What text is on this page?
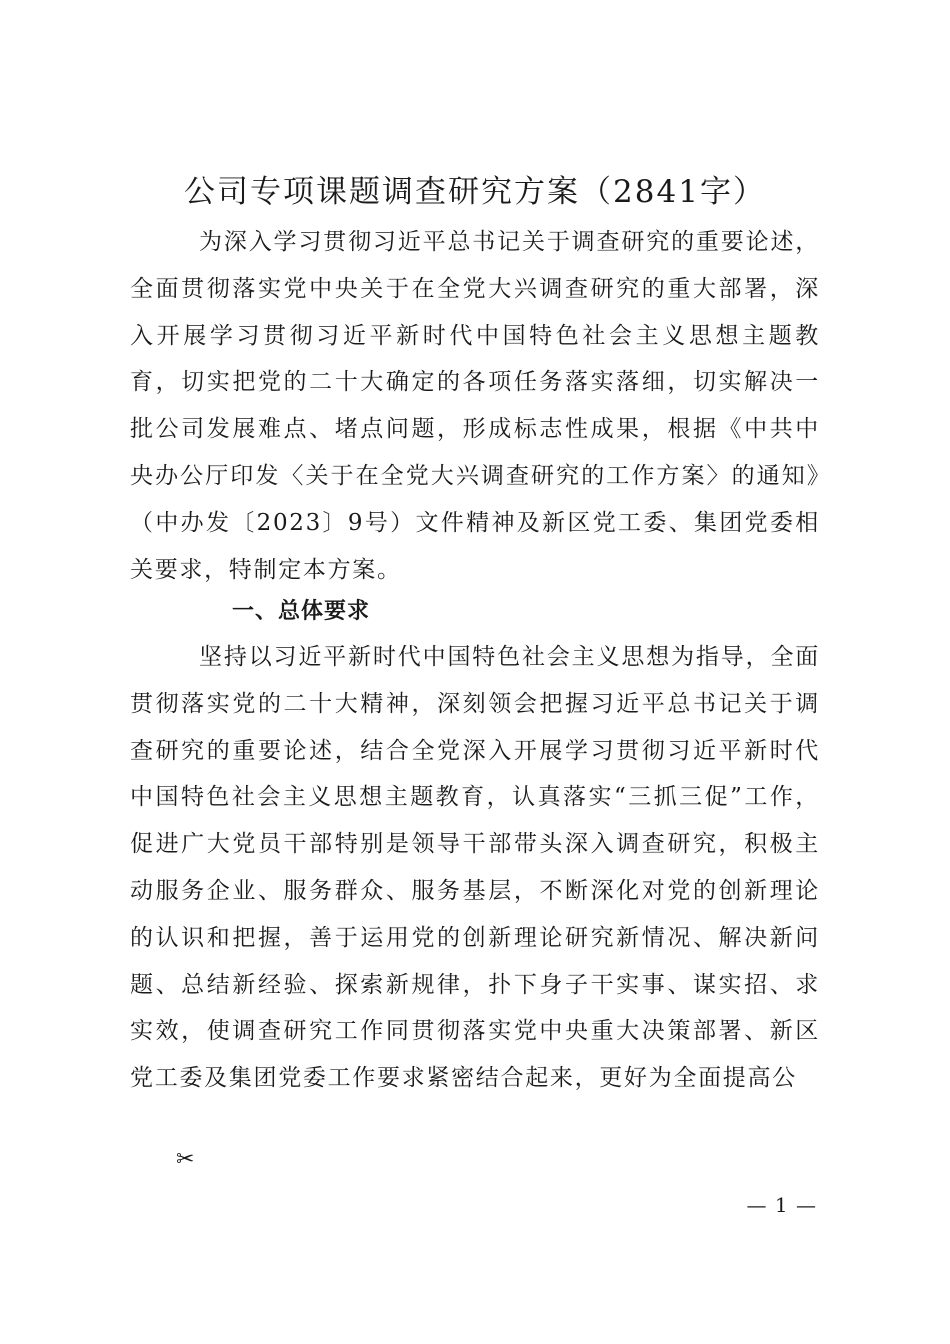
公司专项课题调查研究方案（2841字）

为深入学习贯彻习近平总书记关于调查研究的重要论述，全面贯彻落实党中央关于在全党大兴调查研究的重大部署，深入开展学习贯彻习近平新时代中国特色社会主义思想主题教育，切实把党的二十大确定的各项任务落实落细，切实解决一批公司发展难点、堵点问题，形成标志性成果，根据《中共中央办公厅印发〈关于在全党大兴调查研究的工作方案〉的通知》（中办发〔2023〕9号）文件精神及新区党工委、集团党委相关要求，特制定本方案。

一、总体要求

坚持以习近平新时代中国特色社会主义思想为指导，全面贯彻落实党的二十大精神，深刻领会把握习近平总书记关于调查研究的重要论述，结合全党深入开展学习贯彻习近平新时代中国特色社会主义思想主题教育，认真落实“三抓三促”工作，促进广大党员干部特别是领导干部带头深入调查研究，积极主动服务企业、服务群众、服务基层，不断深化对党的创新理论的认识和把握，善于运用党的创新理论研究新情况、解决新问题、总结新经验、探索新规律，扑下身子干实事、谋实招、求实效，使调查研究工作同贯彻落实党中央重大决策部署、新区党工委及集团党委工作要求紧密结合起来，更好为全面提高公

✂
— 1 —
